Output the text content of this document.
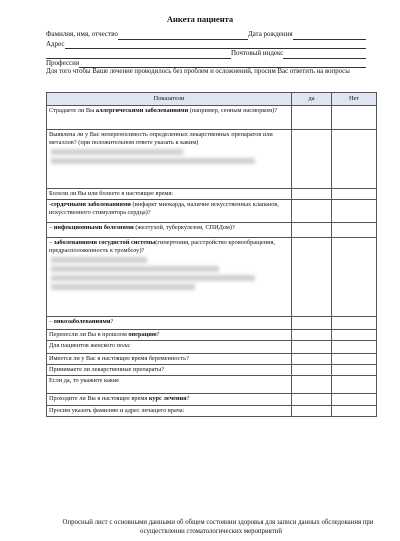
Анкета пациента
Фамилия, имя, отчество	Дата рождения
Адрес
Почтовый индекс
Профессия
Для того чтобы Ваше лечение проводилось без проблем и осложнений, просим Вас ответить на вопросы
Показатели	да	Нет
Страдаете ли Вы аллергическими заболеваниями (например, сенным насморком)?		
Выявлена ли у Вас непереносимость определенных лекарственных препаратов или металлов? (при положительном ответе указать к каким)

Болели ли Вы или болеете в настоящее время:		
-сердечными заболеваниями (инфаркт миокарда, наличие искусственных клапанов, искусственного стимулятора сердца)?		
– инфекционными болезнями (желтухой, туберкулезом, СПИДом)?		
– заболеваниями сосудистой системы(гипертония, расстройство кровообращения, предрасположенность к тромбозу)?

– онкозаболеваниями?		
Перенесли ли Вы в прошлом операцию?		
Для пациентов женского пола:		
Имеется ли у Вас в настоящее время беременность?		
Принимаете ли лекарственные препараты?		
Если да, то укажите какие		
Проходите ли Вы в настоящее время курс лечения?		
Просим указать фамилию и адрес лечащего врача:		
Опросный лист с основными данными об общем состоянии здоровья для записи данных обследования при осуществлении стоматологических мероприятий
